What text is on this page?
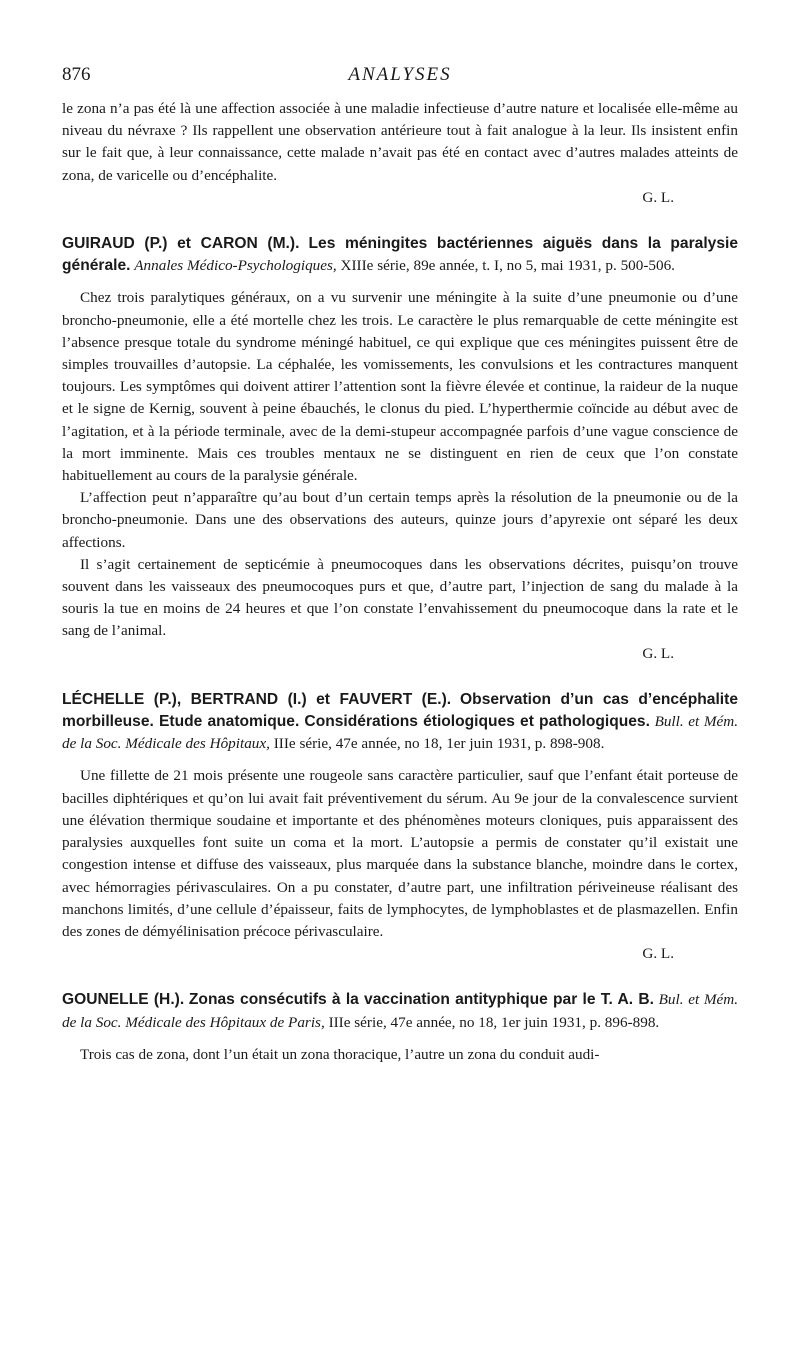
876	ANALYSES

le zona n’a pas été là une affection associée à une maladie infectieuse d’autre nature et localisée elle-même au niveau du névraxe ? Ils rappellent une observation antérieure tout à fait analogue à la leur. Ils insistent enfin sur le fait que, à leur connaissance, cette malade n’avait pas été en contact avec d’autres malades atteints de zona, de varicelle ou d’encéphalite.

G. L.

GUIRAUD (P.) et CARON (M.). Les méningites bactériennes aiguës dans la paralysie générale. Annales Médico-Psychologiques, XIIIe série, 89e année, t. I, no 5, mai 1931, p. 500-506.

Chez trois paralytiques généraux, on a vu survenir une méningite à la suite d’une pneumonie ou d’une broncho-pneumonie, elle a été mortelle chez les trois. Le caractère le plus remarquable de cette méningite est l’absence presque totale du syndrome méningé habituel, ce qui explique que ces méningites puissent être de simples trouvailles d’autopsie. La céphalée, les vomissements, les convulsions et les contractures manquent toujours. Les symptômes qui doivent attirer l’attention sont la fièvre élevée et continue, la raideur de la nuque et le signe de Kernig, souvent à peine ébauchés, le clonus du pied. L’hyperthermie coïncide au début avec de l’agitation, et à la période terminale, avec de la demi-stupeur accompagnée parfois d’une vague conscience de la mort imminente. Mais ces troubles mentaux ne se distinguent en rien de ceux que l’on constate habituellement au cours de la paralysie générale.

L’affection peut n’apparaître qu’au bout d’un certain temps après la résolution de la pneumonie ou de la broncho-pneumonie. Dans une des observations des auteurs, quinze jours d’apyrexie ont séparé les deux affections.

Il s’agit certainement de septicémie à pneumocoques dans les observations décrites, puisqu’on trouve souvent dans les vaisseaux des pneumocoques purs et que, d’autre part, l’injection de sang du malade à la souris la tue en moins de 24 heures et que l’on constate l’envahissement du pneumocoque dans la rate et le sang de l’animal.

G. L.

LÉCHELLE (P.), BERTRAND (I.) et FAUVERT (E.). Observation d’un cas d’encéphalite morbilleuse. Etude anatomique. Considérations étiologiques et pathologiques. Bull. et Mém. de la Soc. Médicale des Hôpitaux, IIIe série, 47e année, no 18, 1er juin 1931, p. 898-908.

Une fillette de 21 mois présente une rougeole sans caractère particulier, sauf que l’enfant était porteuse de bacilles diphtériques et qu’on lui avait fait préventivement du sérum. Au 9e jour de la convalescence survient une élévation thermique soudaine et importante et des phénomènes moteurs cloniques, puis apparaissent des paralysies auxquelles font suite un coma et la mort. L’autopsie a permis de constater qu’il existait une congestion intense et diffuse des vaisseaux, plus marquée dans la substance blanche, moindre dans le cortex, avec hémorragies périvasculaires. On a pu constater, d’autre part, une infiltration périveineuse réalisant des manchons limités, d’une cellule d’épaisseur, faits de lymphocytes, de lymphoblastes et de plasmazellen. Enfin des zones de démyélinisation précoce périvasculaire.

G. L.

GOUNELLE (H.). Zonas consécutifs à la vaccination antityphique par le T. A. B. Bul. et Mém. de la Soc. Médicale des Hôpitaux de Paris, IIIe série, 47e année, no 18, 1er juin 1931, p. 896-898.

Trois cas de zona, dont l’un était un zona thoracique, l’autre un zona du conduit audi-
